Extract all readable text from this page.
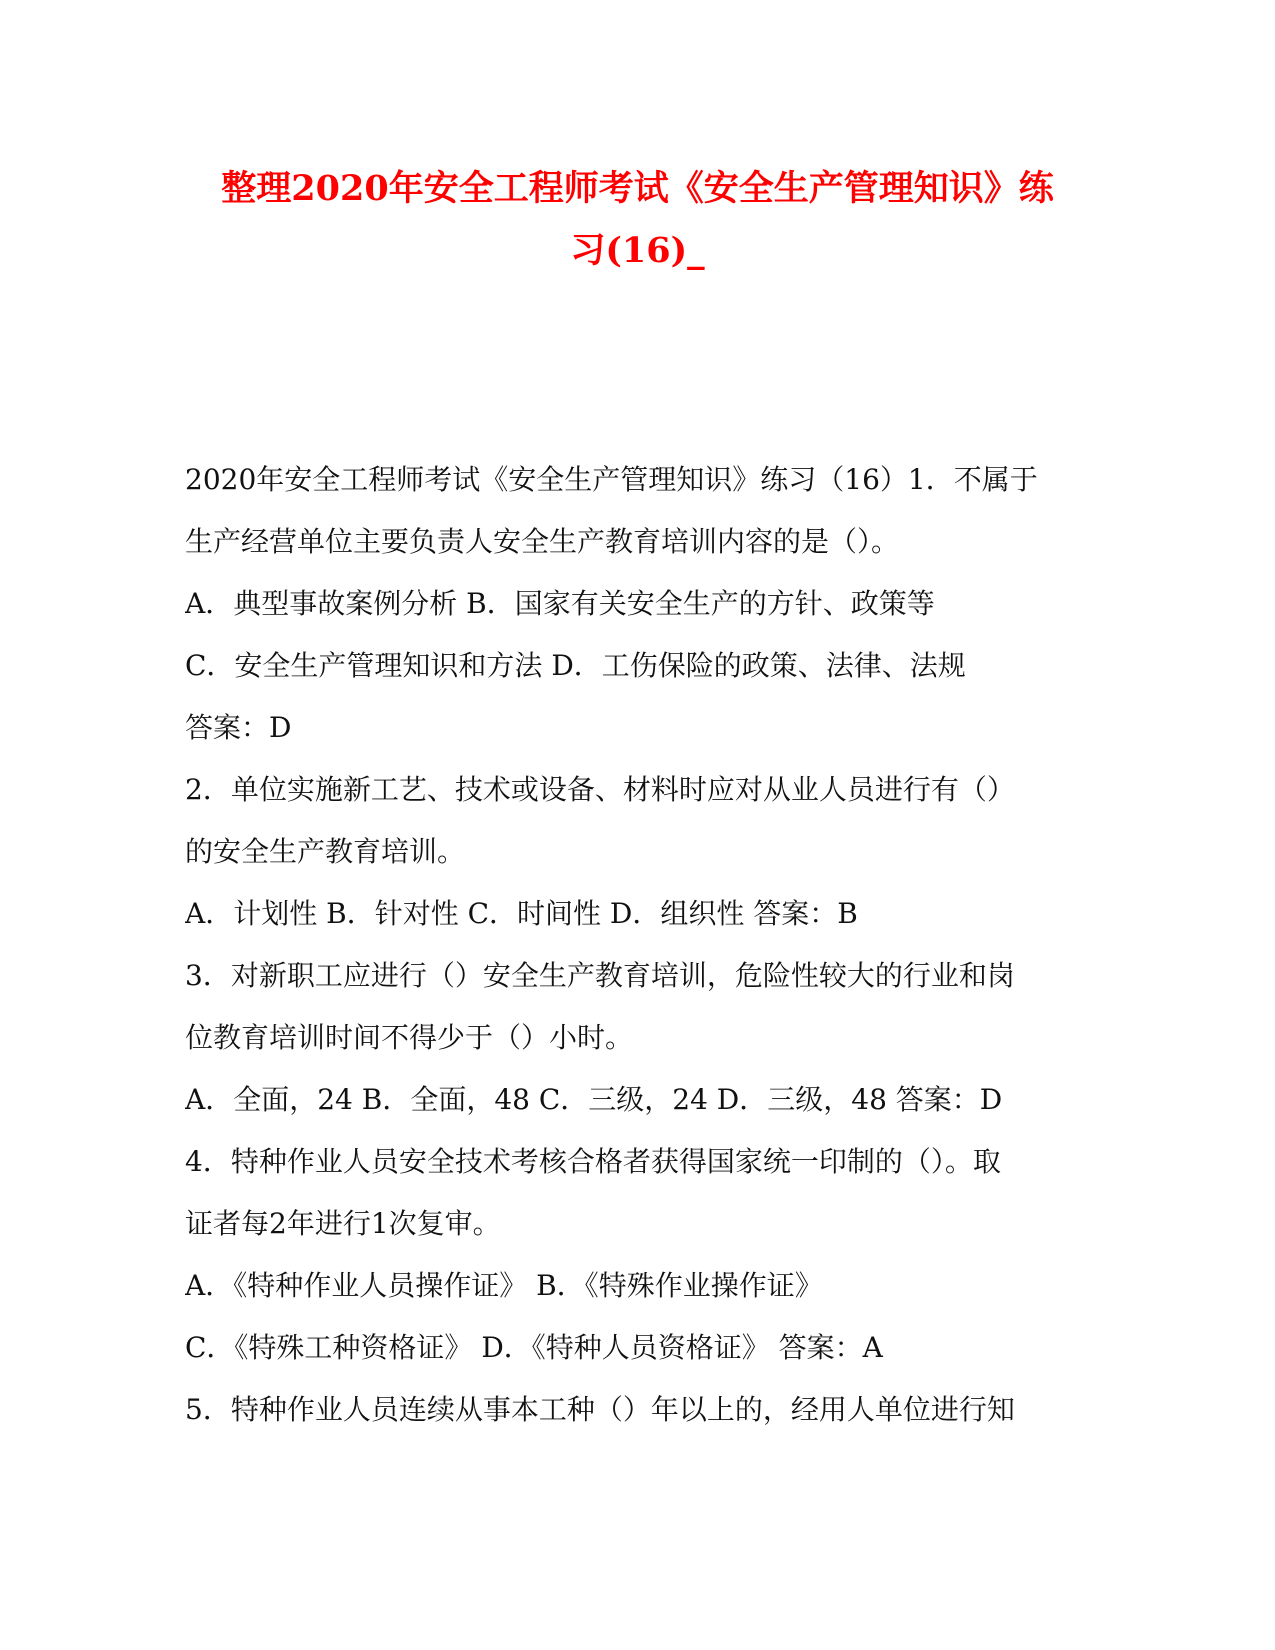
整理2020年安全工程师考试《安全生产管理知识》练
习(16)_
2020年安全工程师考试《安全生产管理知识》练习（16）1．不属于
生产经营单位主要负责人安全生产教育培训内容的是（）。
A．典型事故案例分析 B．国家有关安全生产的方针、政策等
C．安全生产管理知识和方法 D．工伤保险的政策、法律、法规
答案：D
2．单位实施新工艺、技术或设备、材料时应对从业人员进行有（）
的安全生产教育培训。
A．计划性 B．针对性 C．时间性 D．组织性 答案：B
3．对新职工应进行（）安全生产教育培训，危险性较大的行业和岗
位教育培训时间不得少于（）小时。
A．全面，24 B．全面，48 C．三级，24 D．三级，48 答案：D
4．特种作业人员安全技术考核合格者获得国家统一印制的（）。取
证者每2年进行1次复审。
A．《特种作业人员操作证》 B．《特殊作业操作证》
C．《特殊工种资格证》 D．《特种人员资格证》 答案：A
5．特种作业人员连续从事本工种（）年以上的，经用人单位进行知
